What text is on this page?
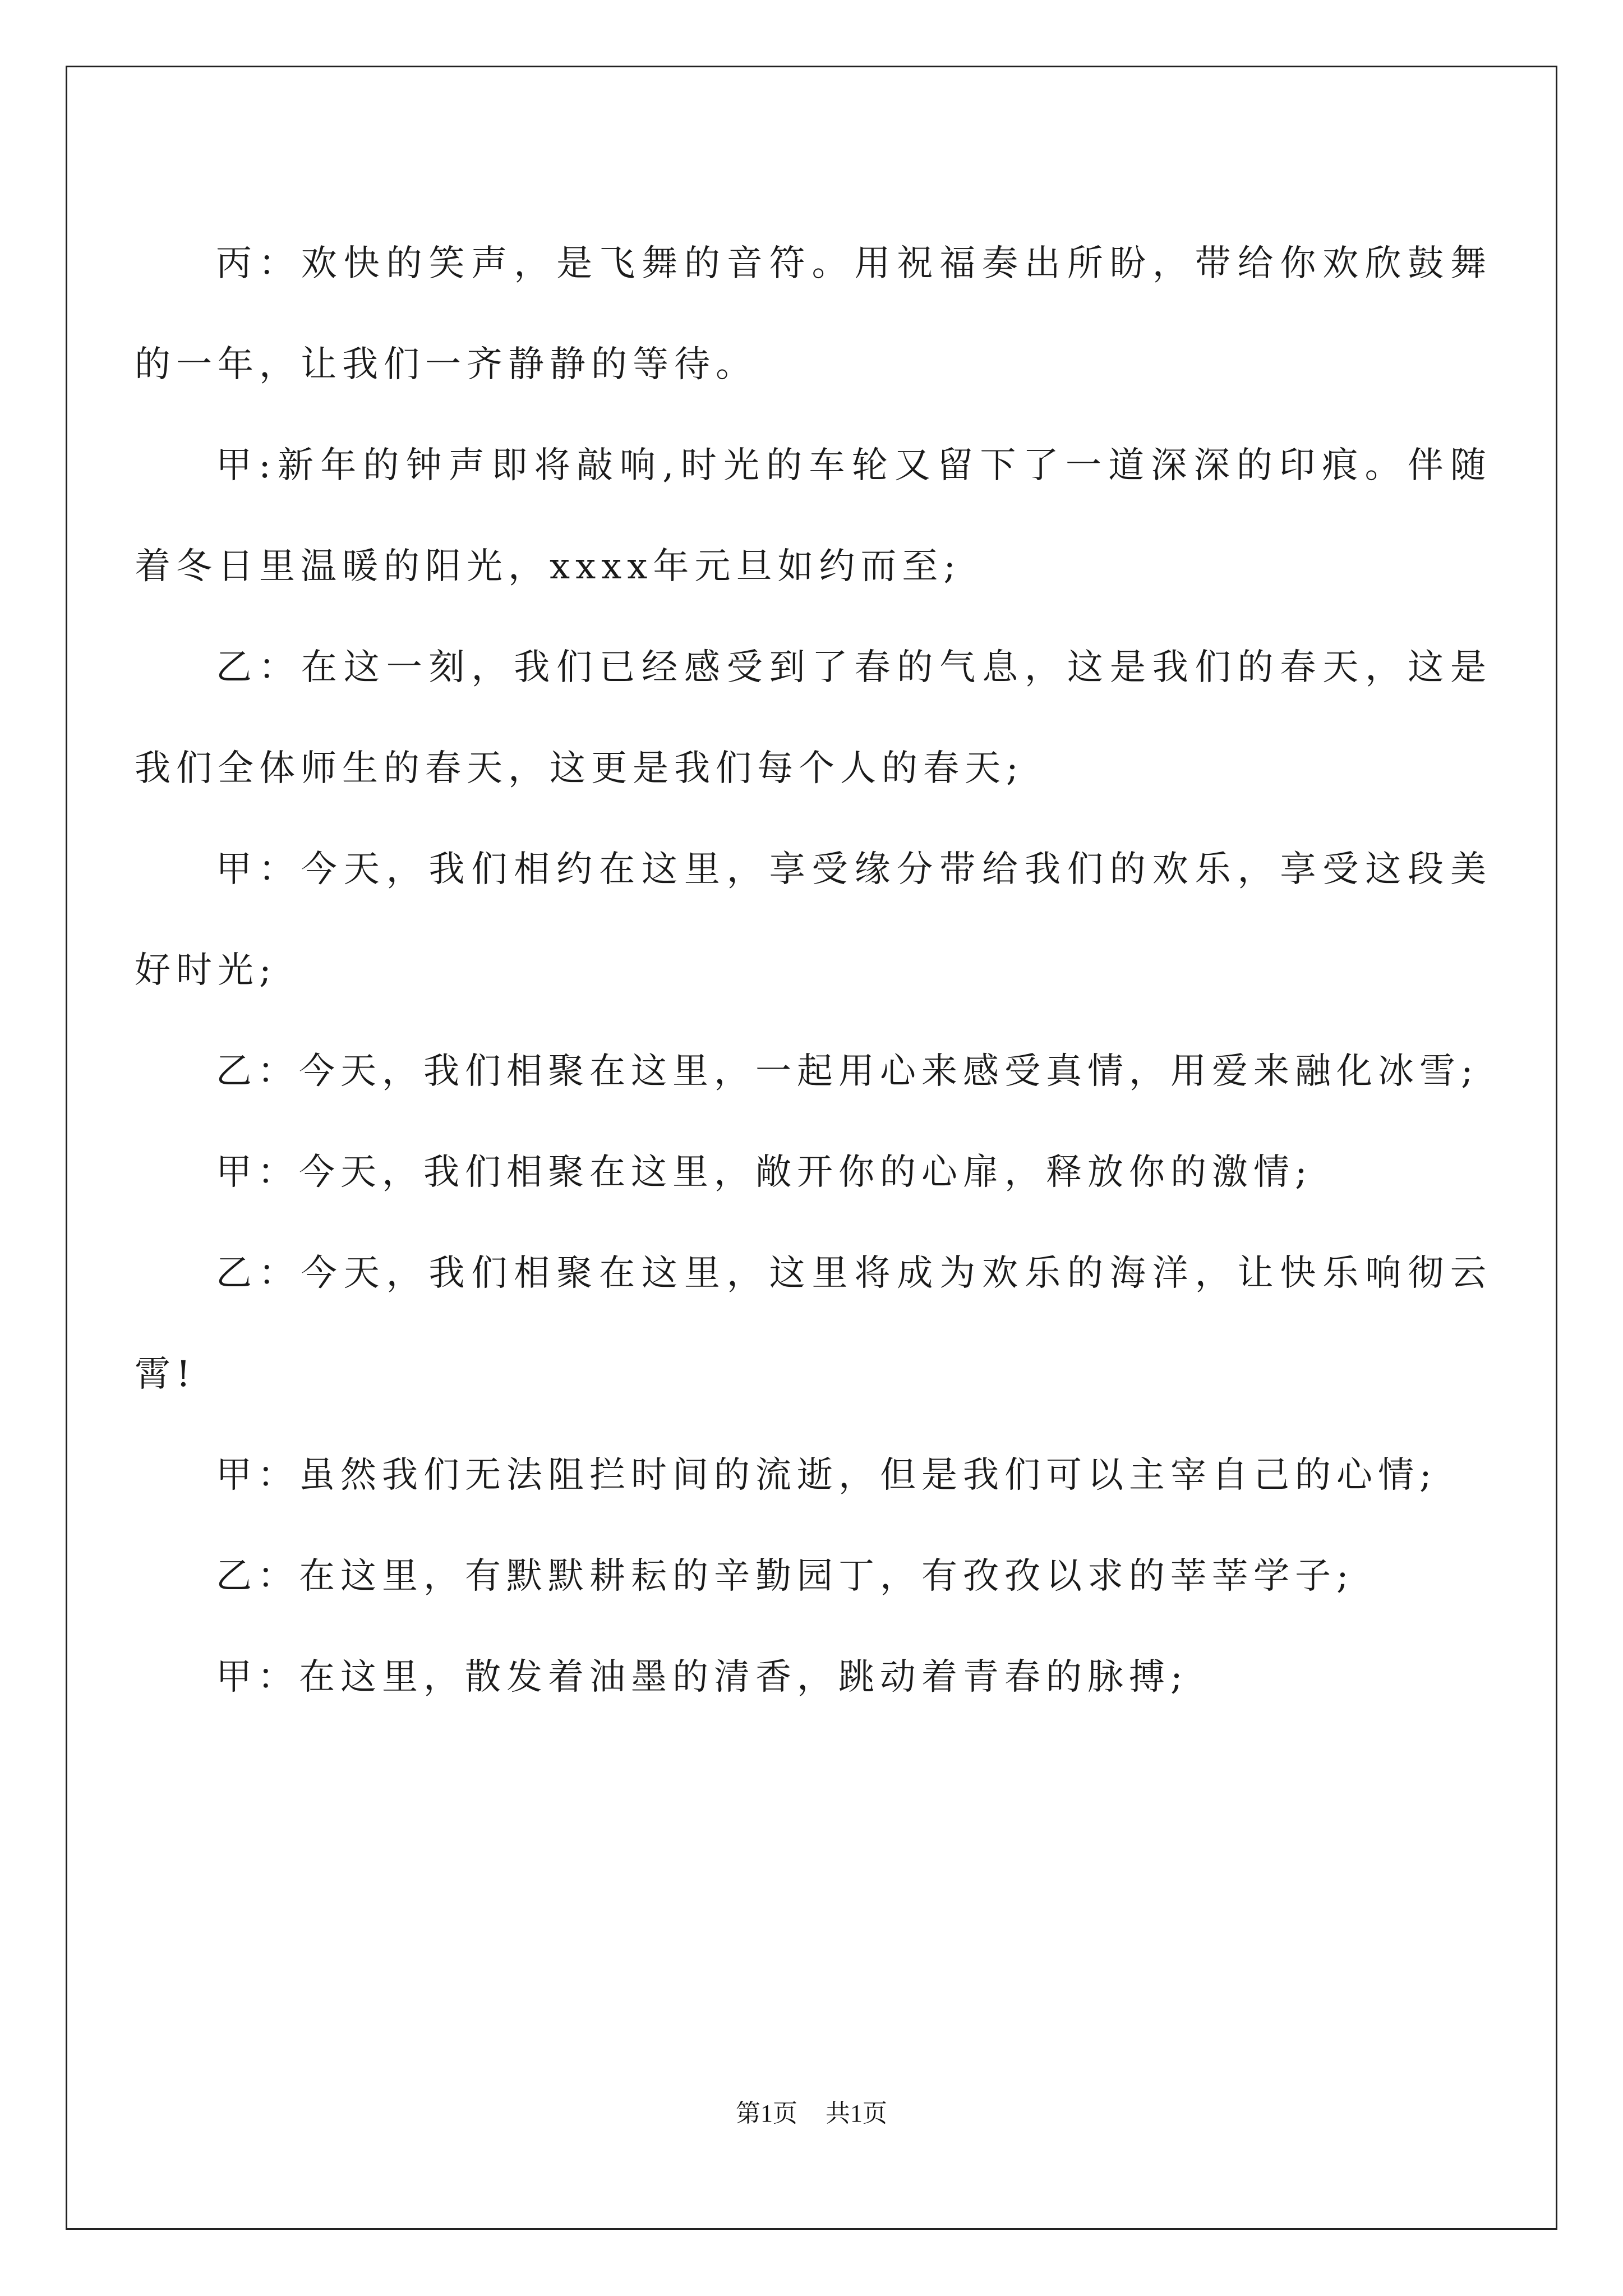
丙：欢快的笑声，是飞舞的音符。用祝福奏出所盼，带给你欢欣鼓舞的一年，让我们一齐静静的等待。

甲:新年的钟声即将敲响,时光的车轮又留下了一道深深的印痕。伴随着冬日里温暖的阳光，xxxx年元旦如约而至;

乙：在这一刻，我们已经感受到了春的气息，这是我们的春天，这是我们全体师生的春天，这更是我们每个人的春天;

甲：今天，我们相约在这里，享受缘分带给我们的欢乐，享受这段美好时光;

乙：今天，我们相聚在这里，一起用心来感受真情，用爱来融化冰雪;

甲：今天，我们相聚在这里，敞开你的心扉，释放你的激情;

乙：今天，我们相聚在这里，这里将成为欢乐的海洋，让快乐响彻云霄!

甲：虽然我们无法阻拦时间的流逝，但是我们可以主宰自己的心情;

乙：在这里，有默默耕耘的辛勤园丁，有孜孜以求的莘莘学子;

甲：在这里，散发着油墨的清香，跳动着青春的脉搏;

第1页 共1页
